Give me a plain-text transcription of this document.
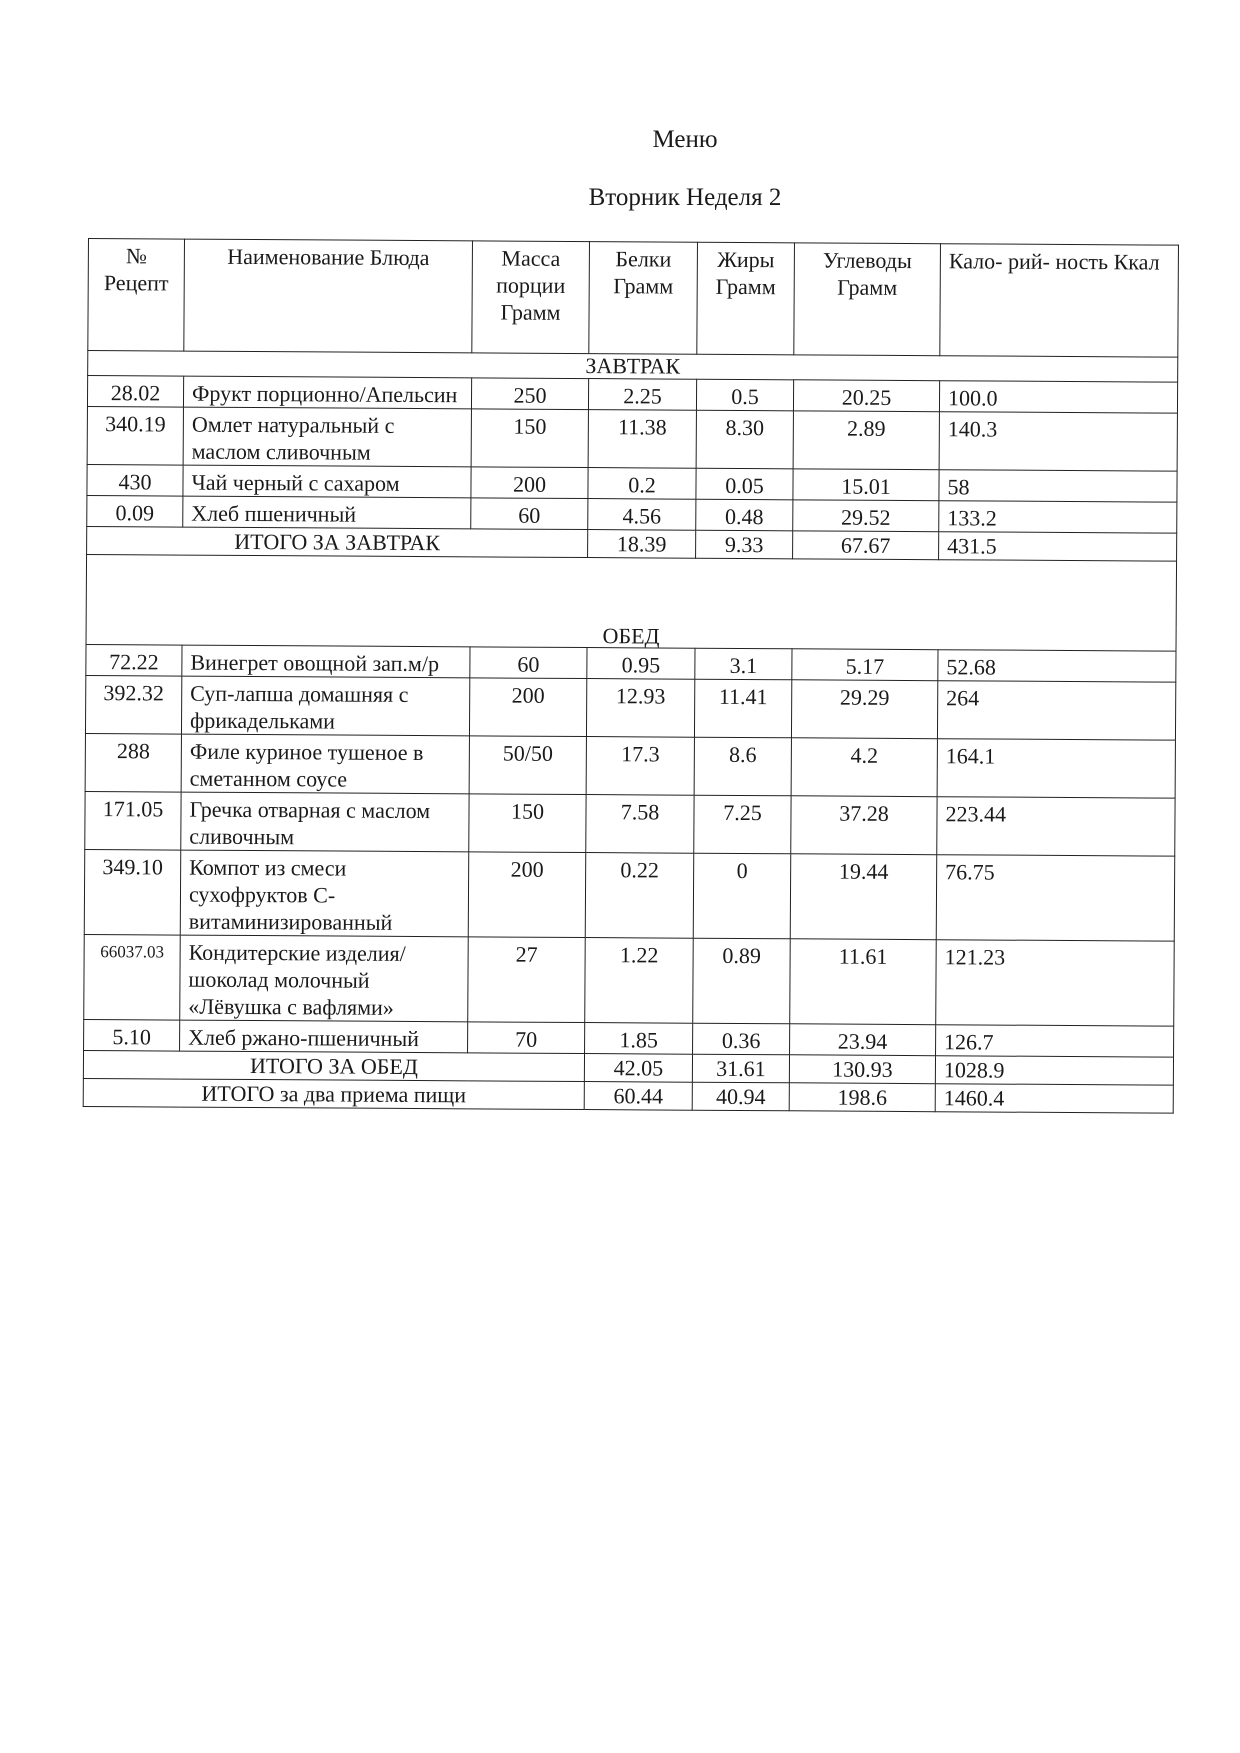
Меню
Вторник Неделя 2
№ Рецепт	Наименование Блюда	Масса порции Грамм	Белки Грамм	Жиры Грамм	Углеводы Грамм	Кало- рий- ность Ккал
ЗАВТРАК						
28.02	Фрукт порционно/Апельсин	250	2.25	0.5	20.25	100.0
340.19	Омлет натуральный с маслом сливочным	150	11.38	8.30	2.89	140.3
430	Чай черный с сахаром	200	0.2	0.05	15.01	58
0.09	Хлеб пшеничный	60	4.56	0.48	29.52	133.2
ИТОГО ЗА ЗАВТРАК			18.39	9.33	67.67	431.5

ОБЕД						
72.22	Винегрет овощной зап.м/р	60	0.95	3.1	5.17	52.68
392.32	Суп-лапша домашняя с фрикадельками	200	12.93	11.41	29.29	264
288	Филе куриное тушеное в сметанном соусе	50/50	17.3	8.6	4.2	164.1
171.05	Гречка отварная с маслом сливочным	150	7.58	7.25	37.28	223.44
349.10	Компот из смеси сухофруктов С-витаминизированный	200	0.22	0	19.44	76.75
66037.03	Кондитерские изделия/ шоколад молочный «Лёвушка с вафлями»	27	1.22	0.89	11.61	121.23
5.10	Хлеб ржано-пшеничный	70	1.85	0.36	23.94	126.7
ИТОГО ЗА ОБЕД			42.05	31.61	130.93	1028.9
ИТОГО за два приема пищи			60.44	40.94	198.6	1460.4
